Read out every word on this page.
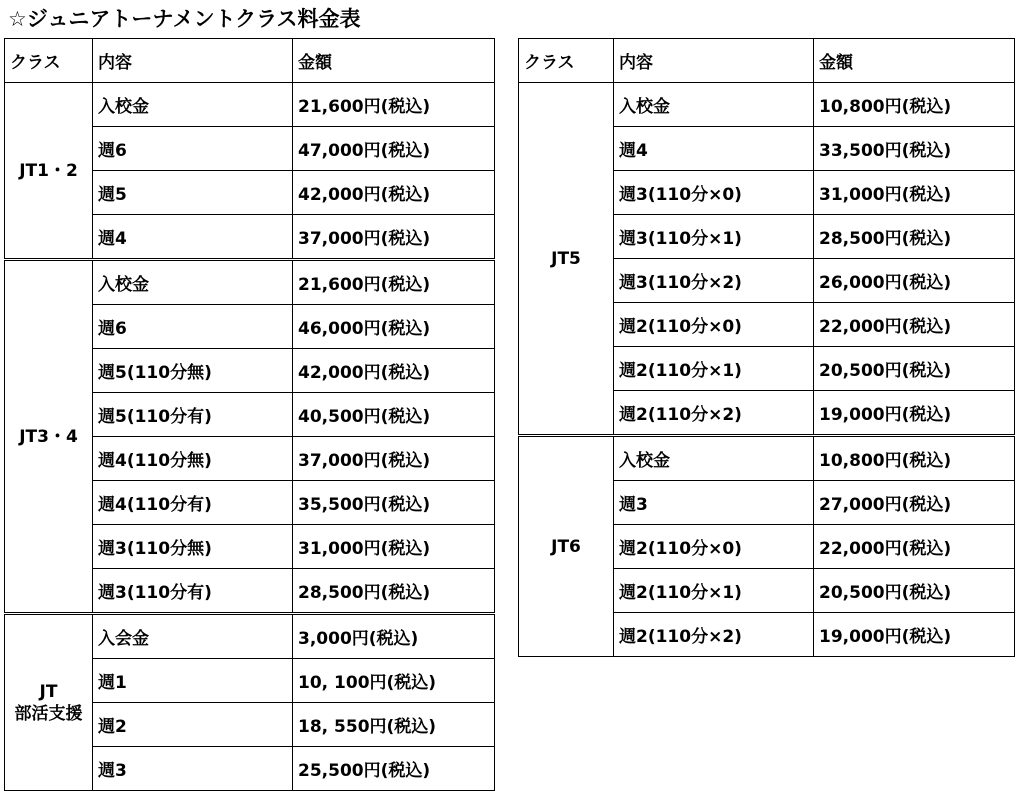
☆ジュニアトーナメントクラス料金表
クラス	内容	金額
JT1・2	入校金	21,600円(税込)
	週6	47,000円(税込)
	週5	42,000円(税込)
	週4	37,000円(税込)
JT3・4	入校金	21,600円(税込)
	週6	46,000円(税込)
	週5(110分無)	42,000円(税込)
	週5(110分有)	40,500円(税込)
	週4(110分無)	37,000円(税込)
	週4(110分有)	35,500円(税込)
	週3(110分無)	31,000円(税込)
	週3(110分有)	28,500円(税込)
JT
部活支援	入会金	3,000円(税込)
	週1	10, 100円(税込)
	週2	18, 550円(税込)
	週3	25,500円(税込)
クラス	内容	金額
JT5	入校金	10,800円(税込)
	週4	33,500円(税込)
	週3(110分×0)	31,000円(税込)
	週3(110分×1)	28,500円(税込)
	週3(110分×2)	26,000円(税込)
	週2(110分×0)	22,000円(税込)
	週2(110分×1)	20,500円(税込)
	週2(110分×2)	19,000円(税込)
JT6	入校金	10,800円(税込)
	週3	27,000円(税込)
	週2(110分×0)	22,000円(税込)
	週2(110分×1)	20,500円(税込)
	週2(110分×2)	19,000円(税込)
